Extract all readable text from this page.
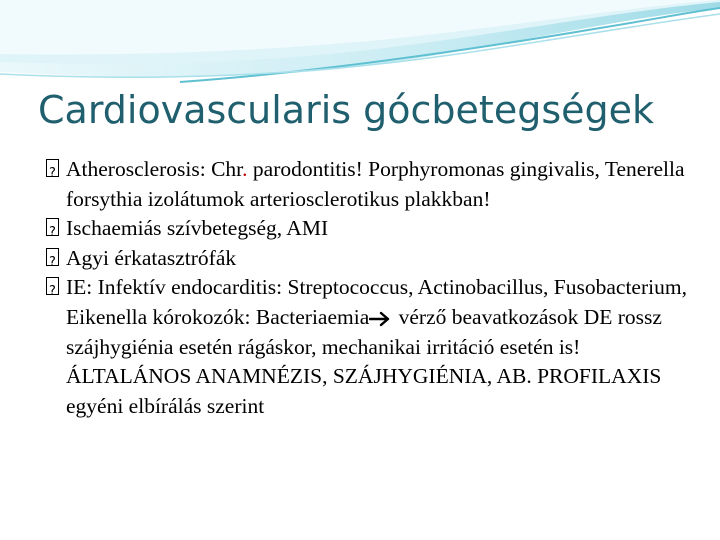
Cardiovascularis gócbetegségek
?
Atherosclerosis: Chr. parodontitis! Porphyromonas gingivalis, Tenerella forsythia izolátumok arteriosclerotikus plakkban!
?
Ischaemiás szívbetegség, AMI
?
Agyi érkatasztrófák
?
IE: Infektív endocarditis: Streptococcus, Actinobacillus, Fusobacterium, Eikenella kórokozók: Bacteriaemia vérző beavatkozások DE rossz szájhygiénia esetén rágáskor, mechanikai irritáció esetén is! ÁLTALÁNOS ANAMNÉZIS, SZÁJHYGIÉNIA, AB. PROFILAXIS egyéni elbírálás szerint
